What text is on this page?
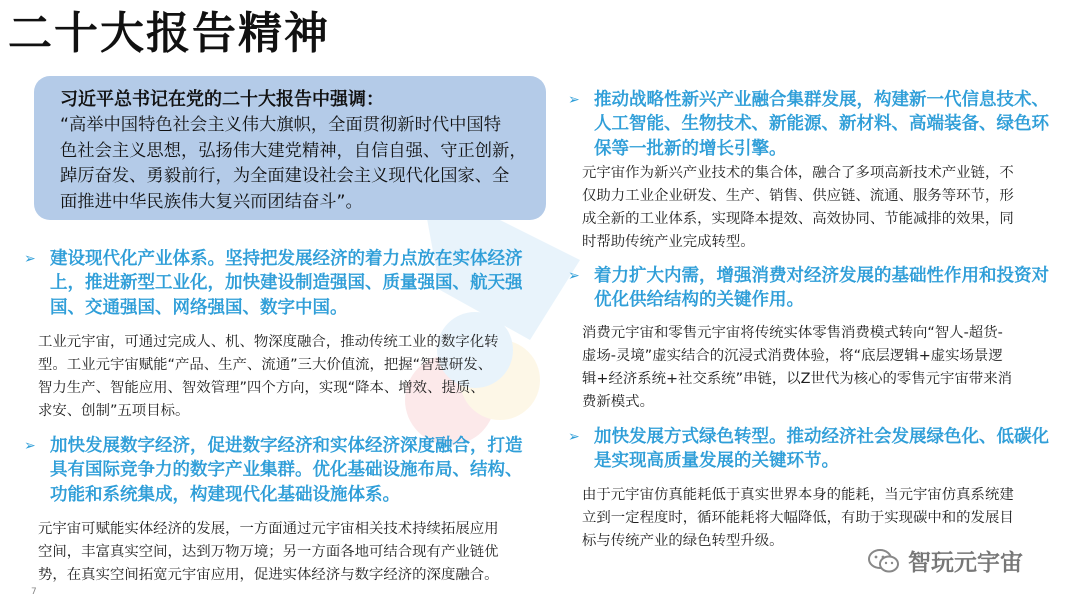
二十大报告精神
习近平总书记在党的二十大报告中强调：
“高举中国特色社会主义伟大旗帜，全面贯彻新时代中国特
色社会主义思想，弘扬伟大建党精神，自信自强、守正创新，
踔厉奋发、勇毅前行，为全面建设社会主义现代化国家、全
面推进中华民族伟大复兴而团结奋斗”。
➢ 建设现代化产业体系。坚持把发展经济的着力点放在实体经济
上，推进新型工业化，加快建设制造强国、质量强国、航天强
国、交通强国、网络强国、数字中国。
工业元宇宙，可通过完成人、机、物深度融合，推动传统工业的数字化转
型。工业元宇宙赋能“产品、生产、流通”三大价值流，把握“智慧研发、
智力生产、智能应用、智效管理”四个方向，实现“降本、增效、提质、
求安、创制”五项目标。
➢ 加快发展数字经济，促进数字经济和实体经济深度融合，打造
具有国际竞争力的数字产业集群。优化基础设施布局、结构、
功能和系统集成，构建现代化基础设施体系。
元宇宙可赋能实体经济的发展，一方面通过元宇宙相关技术持续拓展应用
空间，丰富真实空间，达到万物万境；另一方面各地可结合现有产业链优
势，在真实空间拓宽元宇宙应用，促进实体经济与数字经济的深度融合。
➢ 推动战略性新兴产业融合集群发展，构建新一代信息技术、
人工智能、生物技术、新能源、新材料、高端装备、绿色环
保等一批新的增长引擎。
元宇宙作为新兴产业技术的集合体，融合了多项高新技术产业链，不
仅助力工业企业研发、生产、销售、供应链、流通、服务等环节，形
成全新的工业体系，实现降本提效、高效协同、节能减排的效果，同
时帮助传统产业完成转型。
➢ 着力扩大内需，增强消费对经济发展的基础性作用和投资对
优化供给结构的关键作用。
消费元宇宙和零售元宇宙将传统实体零售消费模式转向“智人-超货-
虚场-灵境”虚实结合的沉浸式消费体验，将“底层逻辑+虚实场景逻
辑+经济系统+社交系统”串链，以Z世代为核心的零售元宇宙带来消
费新模式。
➢ 加快发展方式绿色转型。推动经济社会发展绿色化、低碳化
是实现高质量发展的关键环节。
由于元宇宙仿真能耗低于真实世界本身的能耗，当元宇宙仿真系统建
立到一定程度时，循环能耗将大幅降低，有助于实现碳中和的发展目
标与传统产业的绿色转型升级。
智玩元宇宙
7
